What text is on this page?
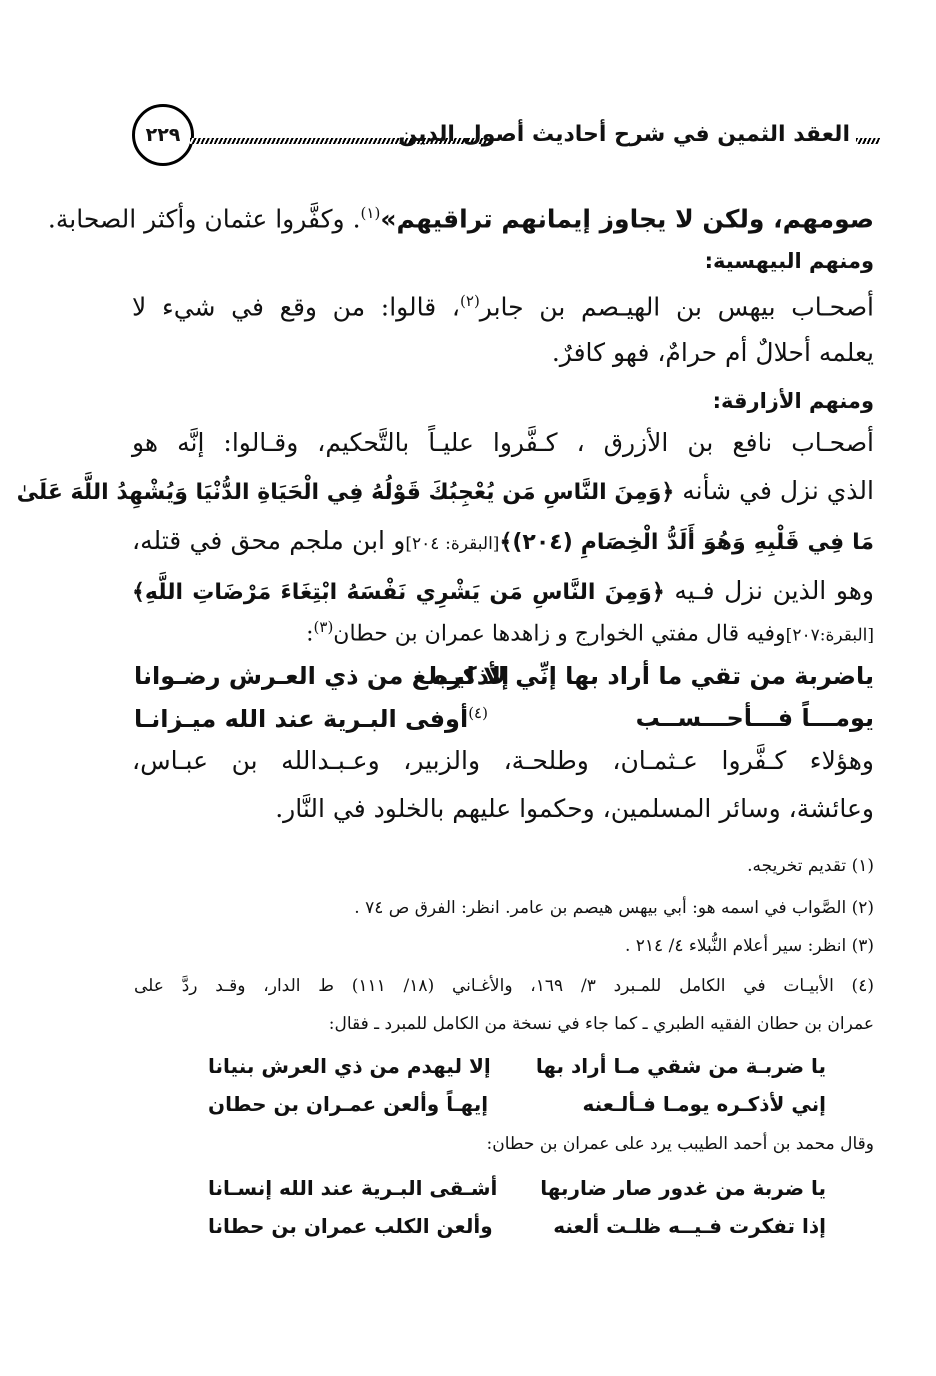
٢٢٩	العقد الثمين في شرح أحاديث أصول الدين
صومهم، ولكن لا يجاوز إيمانهم تراقيهم»$^{(١)}$. وكفَّروا عثمان وأكثر الصحابة.
ومنهم البيهسية:
أصحـاب بيهس بن الهيـصم بن جابر$^{(٢)}$، قالوا: من وقع في شيء لا
يعلمه أحلالٌ أم حرامٌ، فهو كافرٌ.
ومنهم الأزارقة:
أصحـاب نافع بن الأزرق ، كـفَّروا عليـاً بالتَّحكيم، وقـالوا: إنَّه هو
الذي نزل في شأنه ﴿وَمِنَ النَّاسِ مَن يُعْجِبُكَ قَوْلُهُ فِي الْحَيَاةِ الدُّنْيَا وَيُشْهِدُ اللَّهَ عَلَىٰ
مَا فِي قَلْبِهِ وَهُوَ أَلَدُّ الْخِصَامِ (٢٠٤)﴾[البقرة: ٢٠٤]و ابن ملجم محق في قتله،
وهو الذين نزل فـيه ﴿وَمِنَ النَّاسِ مَن يَشْرِي نَفْسَهُ ابْتِغَاءَ مَرْضَاتِ اللَّهِ﴾
[البقرة:٢٠٧]وفيه قال مفتي الخوارج و زاهدها عمران بن حطان$^{(٣)}$:
ياضربة من تقي ما أراد بها إنِّي لأذكره
إلا ليـبلغ من ذي العـرش رضـوانا
يومـــاً فـــأحـــســب
$^{(٤)}$أوفى البـرية عند الله ميـزانـا
وهؤلاء كـفَّروا عـثمـان، وطلحـة، والزبير، وعـبـدالله بن عبـاس،
وعائشة، وسائر المسلمين، وحكموا عليهم بالخلود في النَّار.
(١) تقديم تخريجه.
(٢) الصَّواب في اسمه هو: أبي بيهس هيصم بن عامر. انظر: الفرق ص ٧٤ .
(٣) انظر: سير أعلام النُّبلاء ٤/ ٢١٤ .
(٤) الأبيـات في الكامل للمـبرد ٣/ ١٦٩، والأغـاني (١٨/ ١١١) ط الدار، وقـد ردَّ على
عمران بن حطان الفقيه الطبري ـ كما جاء في نسخة من الكامل للمبرد ـ فقال:
يا ضربـة من شقي مـا أراد بها
إلا ليهدم من ذي العرش بنيانا
إني لأذكـره يومـا فـألـعنه
إيهـاً وألعن عمـران بن حطان
وقال محمد بن أحمد الطيبب يرد على عمران بن حطان:
يا ضربة من غدور صار ضاربها
أشـقى البـرية عند الله إنسـانا
إذا تفكرت فـيــه ظلـت ألعنه
وألعن الكلب عمران بن حطانا
